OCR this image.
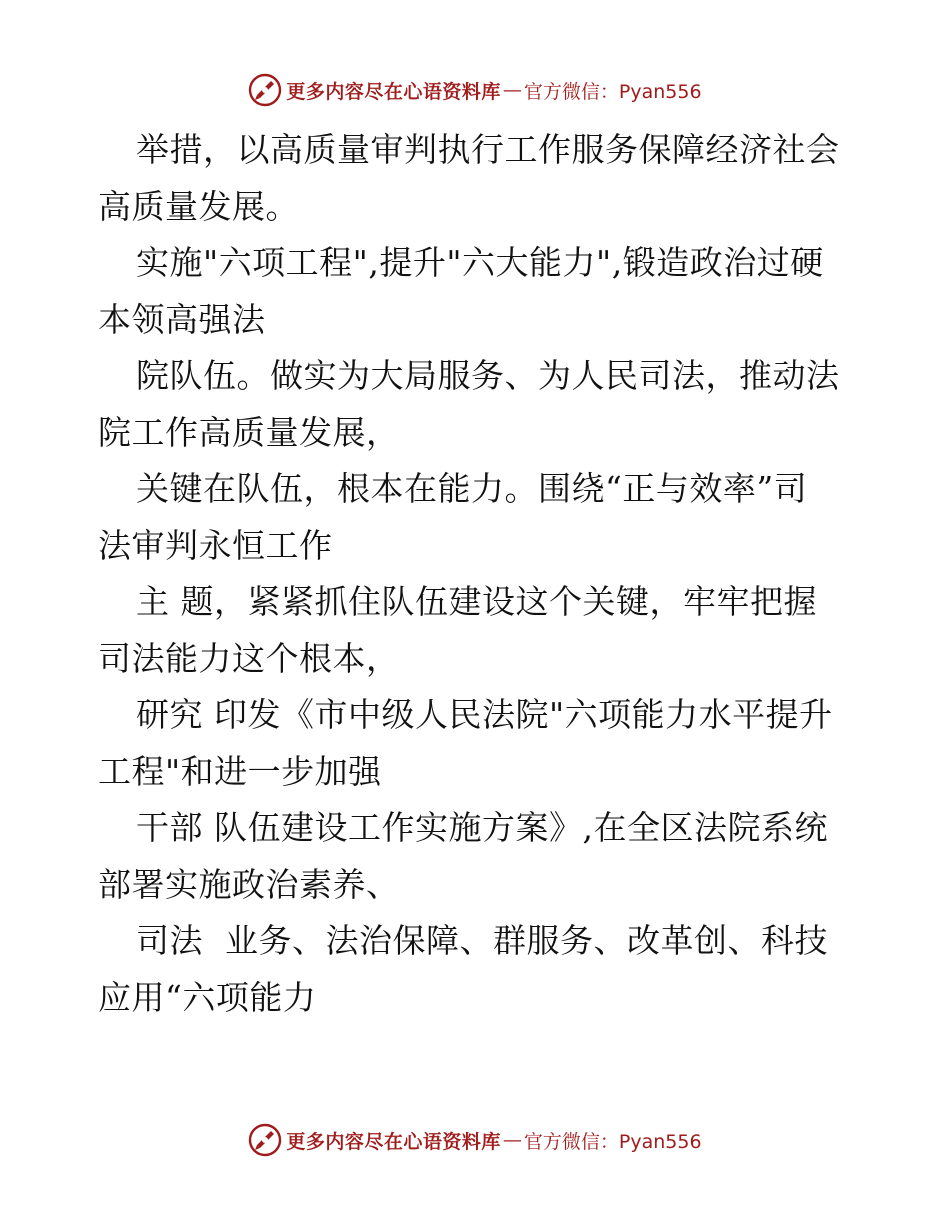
更多内容尽在心语资料库 — 官方微信：Pyan556
举措，以高质量审判执行工作服务保障经济社会
高质量发展。
实施"六项工程",提升"六大能力",锻造政治过硬
本领高强法
院队伍。做实为大局服务、为人民司法，推动法
院工作高质量发展，
关键在队伍，根本在能力。围绕“正与效率”司
法审判永恒工作
主 题，紧紧抓住队伍建设这个关键，牢牢把握
司法能力这个根本，
研究 印发《市中级人民法院"六项能力水平提升
工程"和进一步加强
干部 队伍建设工作实施方案》,在全区法院系统
部署实施政治素养、
司法  业务、法治保障、群服务、改革创、科技
应用“六项能力
更多内容尽在心语资料库 — 官方微信：Pyan556
